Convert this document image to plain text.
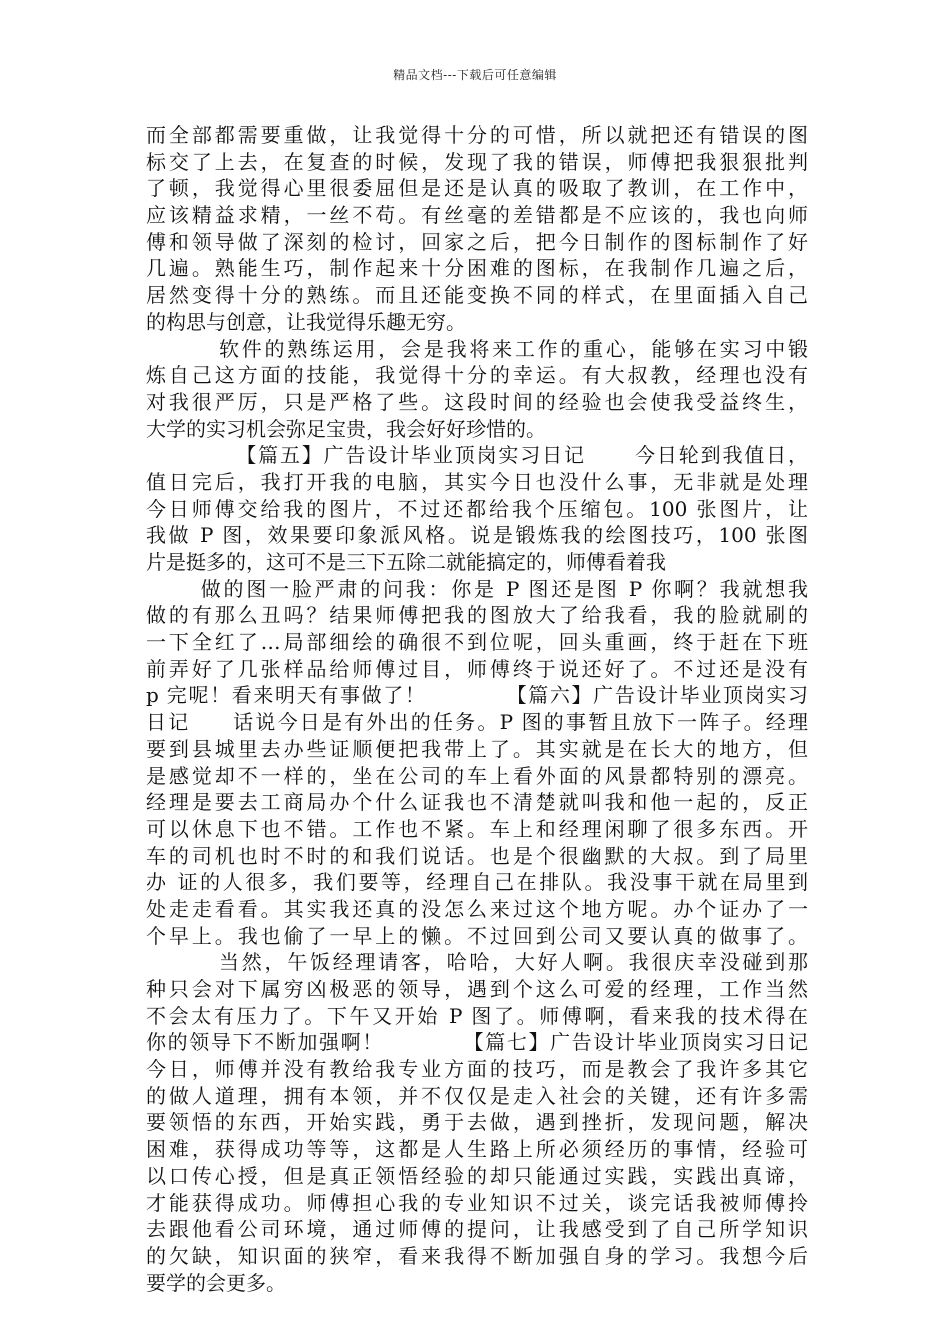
精品文档---下载后可任意编辑
而全部都需要重做，让我觉得十分的可惜，所以就把还有错误的图
标交了上去，在复查的时候，发现了我的错误，师傅把我狠狠批判
了顿，我觉得心里很委屈但是还是认真的吸取了教训，在工作中，
应该精益求精，一丝不苟。有丝毫的差错都是不应该的，我也向师
傅和领导做了深刻的检讨，回家之后，把今日制作的图标制作了好
几遍。熟能生巧，制作起来十分困难的图标，在我制作几遍之后，
居然变得十分的熟练。而且还能变换不同的样式，在里面插入自己
的构思与创意，让我觉得乐趣无穷。
软件的熟练运用，会是我将来工作的重心，能够在实习中锻
炼自己这方面的技能，我觉得十分的幸运。有大叔教，经理也没有
对我很严厉，只是严格了些。这段时间的经验也会使我受益终生，
大学的实习机会弥足宝贵，我会好好珍惜的。
【篇五】广告设计毕业顶岗实习日记      今日轮到我值日，
值日完后，我打开我的电脑，其实今日也没什么事，无非就是处理
今日师傅交给我的图片，不过还都给我个压缩包。100 张图片，让
我做 P 图，效果要印象派风格。说是锻炼我的绘图技巧，100 张图
片是挺多的，这可不是三下五除二就能搞定的，师傅看着我
做的图一脸严肃的问我：你是 P 图还是图 P 你啊？我就想我
做的有那么丑吗？结果师傅把我的图放大了给我看，我的脸就刷的
一下全红了…局部细绘的确很不到位呢，回头重画，终于赶在下班
前弄好了几张样品给师傅过目，师傅终于说还好了。不过还是没有
p 完呢！看来明天有事做了！          【篇六】广告设计毕业顶岗实习
日记     话说今日是有外出的任务。P 图的事暂且放下一阵子。经理
要到县城里去办些证顺便把我带上了。其实就是在长大的地方，但
是感觉却不一样的，坐在公司的车上看外面的风景都特别的漂亮。
经理是要去工商局办个什么证我也不清楚就叫我和他一起的，反正
可以休息下也不错。工作也不紧。车上和经理闲聊了很多东西。开
车的司机也时不时的和我们说话。也是个很幽默的大叔。到了局里
办 证的人很多，我们要等，经理自己在排队。我没事干就在局里到
处走走看看。其实我还真的没怎么来过这个地方呢。办个证办了一
个早上。我也偷了一早上的懒。不过回到公司又要认真的做事了。
当然，午饭经理请客，哈哈，大好人啊。我很庆幸没碰到那
种只会对下属穷凶极恶的领导，遇到个这么可爱的经理，工作当然
不会太有压力了。下午又开始 P 图了。师傅啊，看来我的技术得在
你的领导下不断加强啊！          【篇七】广告设计毕业顶岗实习日记
今日，师傅并没有教给我专业方面的技巧，而是教会了我许多其它
的做人道理，拥有本领，并不仅仅是走入社会的关键，还有许多需
要领悟的东西，开始实践，勇于去做，遇到挫折，发现问题，解决
困难，获得成功等等，这都是人生路上所必须经历的事情，经验可
以口传心授，但是真正领悟经验的却只能通过实践，实践出真谛，
才能获得成功。师傅担心我的专业知识不过关，谈完话我被师傅拎
去跟他看公司环境，通过师傅的提问，让我感受到了自己所学知识
的欠缺，知识面的狭窄，看来我得不断加强自身的学习。我想今后
要学的会更多。
